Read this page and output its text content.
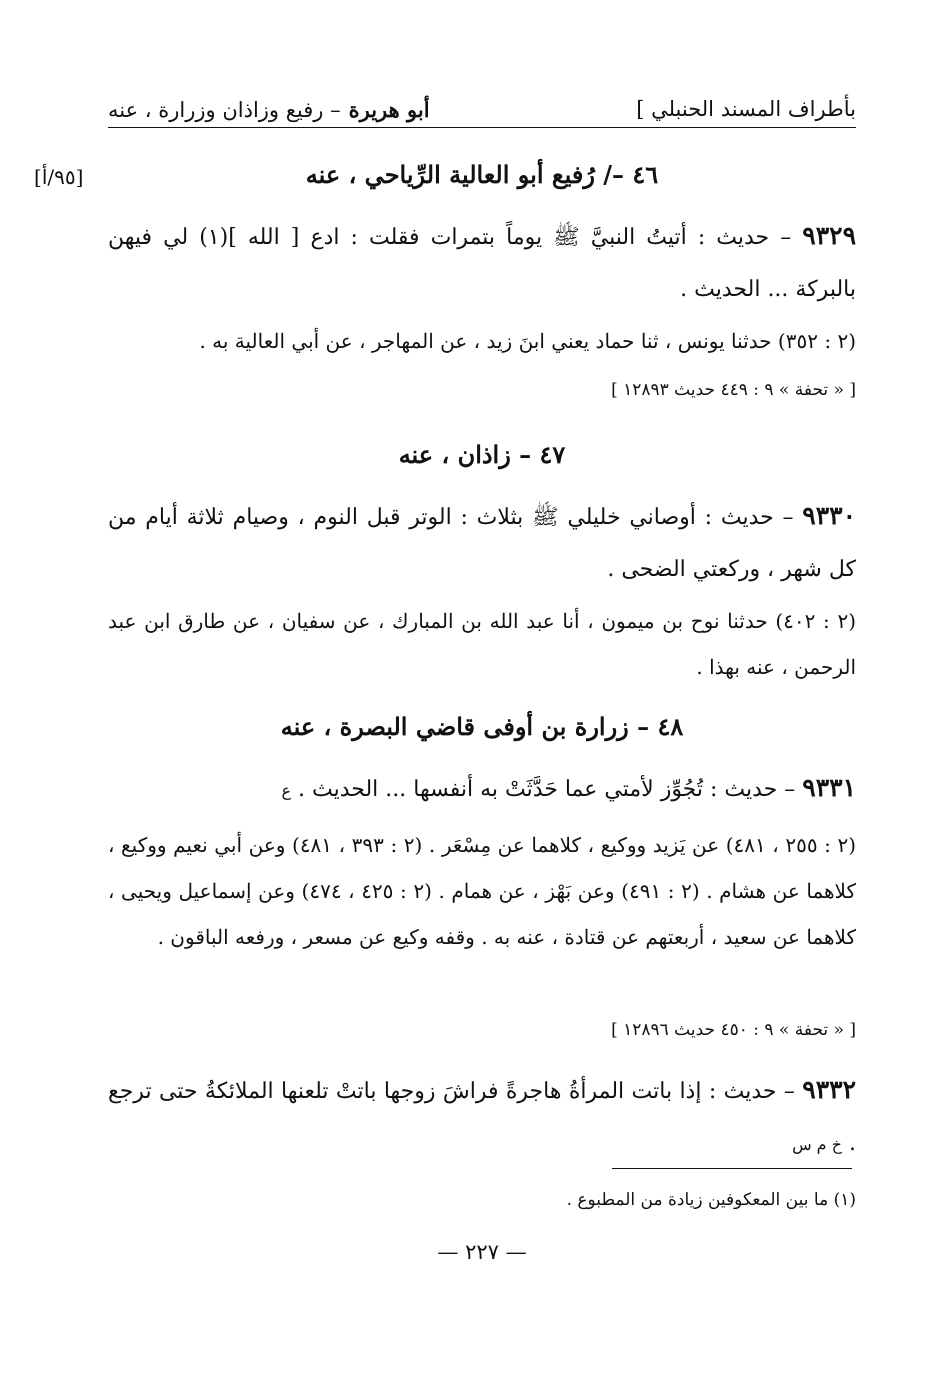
بأطراف المسند الحنبلي ]
أبو هريرة
– رفيع وزاذان وزرارة ، عنه
[٩٥/أ]	٤٦ –/ رُفيع أبو العالية الرِّياحي ، عنه
٩٣٢٩ – حديث : أتيتُ النبيَّ ﷺ يوماً بتمرات فقلت : ادع [ الله ](١) لي فيهن بالبركة ... الحديث .
(٢ : ٣٥٢) حدثنا يونس ، ثنا حماد يعني ابنَ زيد ، عن المهاجر ، عن أبي العالية به .
[ « تحفة » ٩ : ٤٤٩ حديث ١٢٨٩٣ ]
٤٧ – زاذان ، عنه
٩٣٣٠ – حديث : أوصاني خليلي ﷺ بثلاث : الوتر قبل النوم ، وصيام ثلاثة أيام من كل شهر ، وركعتي الضحى .
(٢ : ٤٠٢) حدثنا نوح بن ميمون ، أنا عبد الله بن المبارك ، عن سفيان ، عن طارق ابن عبد الرحمن ، عنه بهذا .
٤٨ – زرارة بن أوفى قاضي البصرة ، عنه
٩٣٣١ – حديث : تُجُوِّز لأمتي عما حَدَّثَتْ به أنفسها ... الحديث . ع
(٢ : ٢٥٥ ، ٤٨١) عن يَزيد ووكيع ، كلاهما عن مِسْعَر . (٢ : ٣٩٣ ، ٤٨١) وعن أبي نعيم ووكيع ، كلاهما عن هشام . (٢ : ٤٩١) وعن بَهْز ، عن همام . (٢ : ٤٢٥ ، ٤٧٤) وعن إسماعيل ويحيى ، كلاهما عن سعيد ، أربعتهم عن قتادة ، عنه به . وقفه وكيع عن مسعر ، ورفعه الباقون .
[ « تحفة » ٩ : ٤٥٠ حديث ١٢٨٩٦ ]
٩٣٣٢ – حديث : إذا باتت المرأةُ هاجرةً فراشَ زوجها باتتْ تلعنها الملائكةُ حتى ترجع . خ م س
(١) ما بين المعكوفين زيادة من المطبوع .
— ٢٢٧ —
